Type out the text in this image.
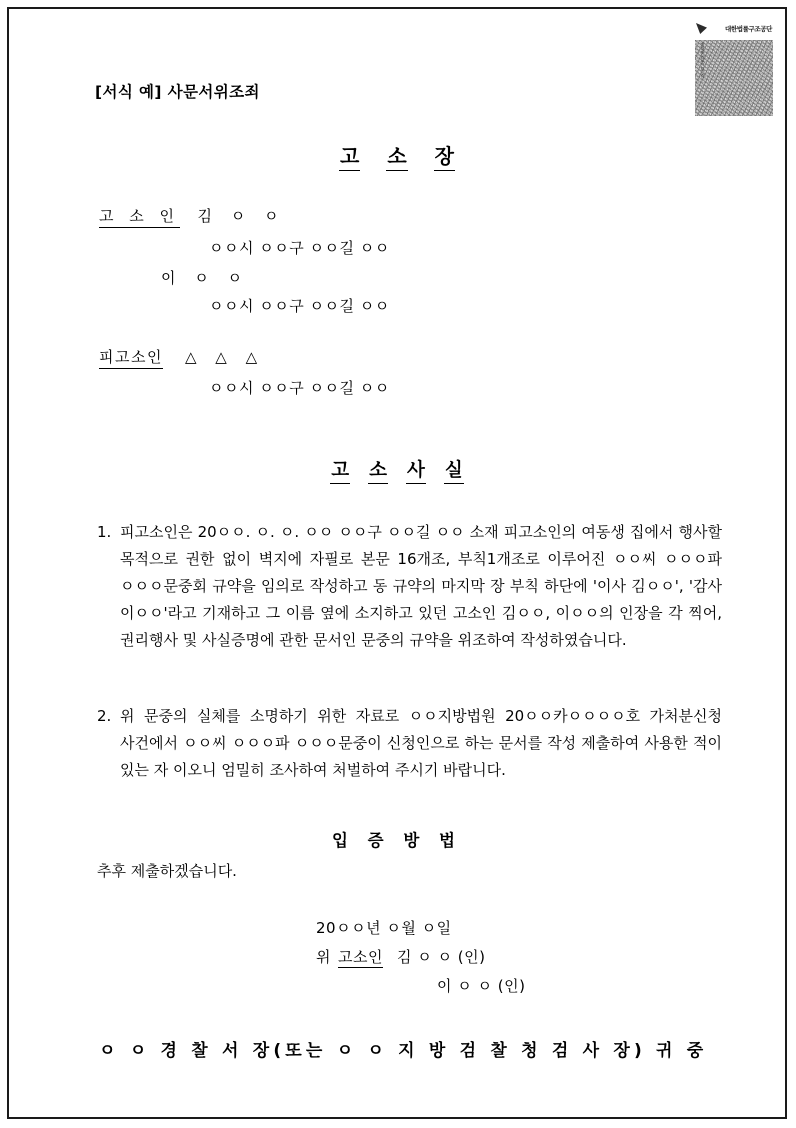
대한법률구조공단
www.klac.or.kr
[서식 예] 사문서위조죄
고 소 장
고 소 인 김 ㅇ ㅇ
ㅇㅇ시 ㅇㅇ구 ㅇㅇ길 ㅇㅇ
이 ㅇ ㅇ
ㅇㅇ시 ㅇㅇ구 ㅇㅇ길 ㅇㅇ
피고소인 △ △ △
ㅇㅇ시 ㅇㅇ구 ㅇㅇ길 ㅇㅇ
고 소 사 실
1. 피고소인은 20ㅇㅇ. ㅇ. ㅇ. ㅇㅇ ㅇㅇ구 ㅇㅇ길 ㅇㅇ 소재 피고소인의 여동생 집에서 행사할 목적으로 권한 없이 벽지에 자필로 본문 16개조, 부칙1개조로 이루어진 ㅇㅇ씨 ㅇㅇㅇ파 ㅇㅇㅇ문중회 규약을 임의로 작성하고 동 규약의 마지막 장 부칙 하단에 '이사 김ㅇㅇ', '감사 이ㅇㅇ'라고 기재하고 그 이름 옆에 소지하고 있던 고소인 김ㅇㅇ, 이ㅇㅇ의 인장을 각 찍어, 권리행사 및 사실증명에 관한 문서인 문중의 규약을 위조하여 작성하였습니다.
2. 위 문중의 실체를 소명하기 위한 자료로 ㅇㅇ지방법원 20ㅇㅇ카ㅇㅇㅇㅇ호 가처분신청 사건에서 ㅇㅇ씨 ㅇㅇㅇ파 ㅇㅇㅇ문중이 신청인으로 하는 문서를 작성 제출하여 사용한 적이 있는 자 이오니 엄밀히 조사하여 처벌하여 주시기 바랍니다.
입 증 방 법
추후 제출하겠습니다.
20ㅇㅇ년 ㅇ월 ㅇ일
위 고소인 김 ㅇ ㅇ (인)
이 ㅇ ㅇ (인)
ㅇ ㅇ 경 찰 서 장(또는 ㅇ ㅇ 지 방 검 찰 청 검 사 장) 귀 중
